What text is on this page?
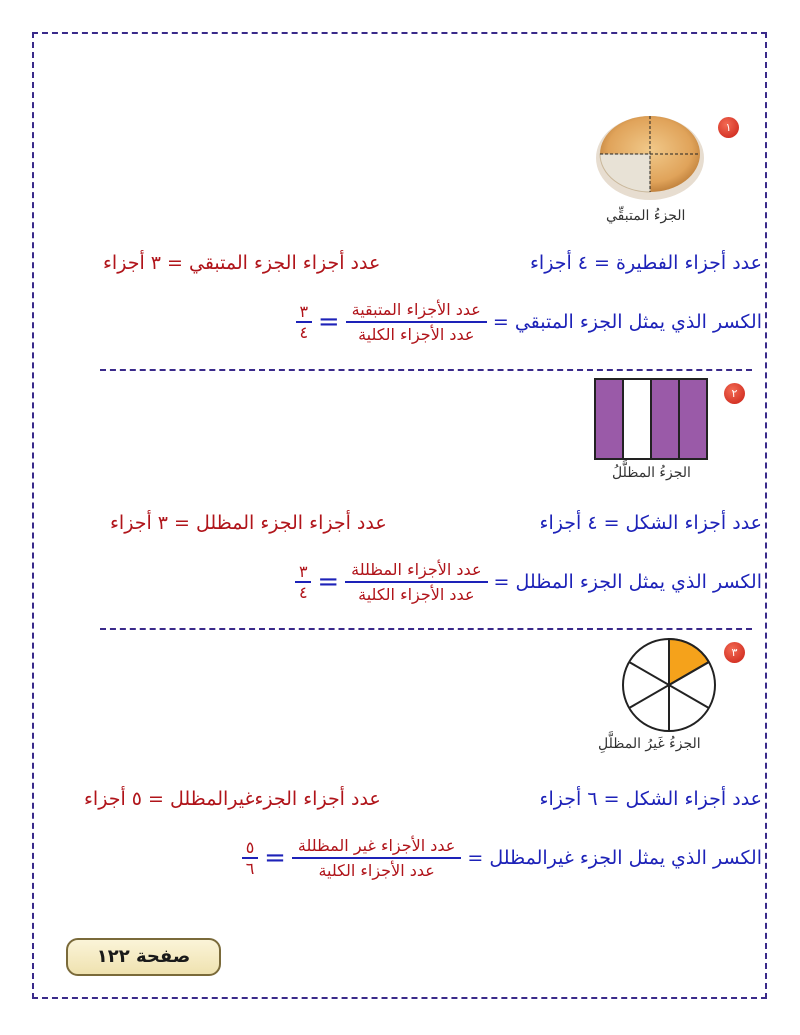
١
الجزءُ المتبقِّي
عدد أجزاء الفطيرة = ٤ أجزاء
عدد أجزاء الجزء المتبقي = ٣ أجزاء
الكسر الذي يمثل الجزء المتبقي =
$\frac{\text{عدد الأجزاء المتبقية}}{\text{عدد الأجزاء الكلية}}$
=
$\frac{٣}{٤}$
٢
الجزءُ المظلَّلُ
عدد أجزاء الشكل = ٤ أجزاء
عدد أجزاء الجزء المظلل = ٣ أجزاء
الكسر الذي يمثل الجزء المظلل =
$\frac{\text{عدد الأجزاء المظللة}}{\text{عدد الأجزاء الكلية}}$
=
$\frac{٣}{٤}$
٣
الجزءُ غَيرُ المظلَّلِ
عدد أجزاء الشكل = ٦ أجزاء
عدد أجزاء الجزءغيرالمظلل = ٥ أجزاء
الكسر الذي يمثل الجزء غيرالمظلل =
$\frac{\text{عدد الأجزاء غير المظللة}}{\text{عدد الأجزاء الكلية}}$
=
$\frac{٥}{٦}$
صفحة ١٢٢
